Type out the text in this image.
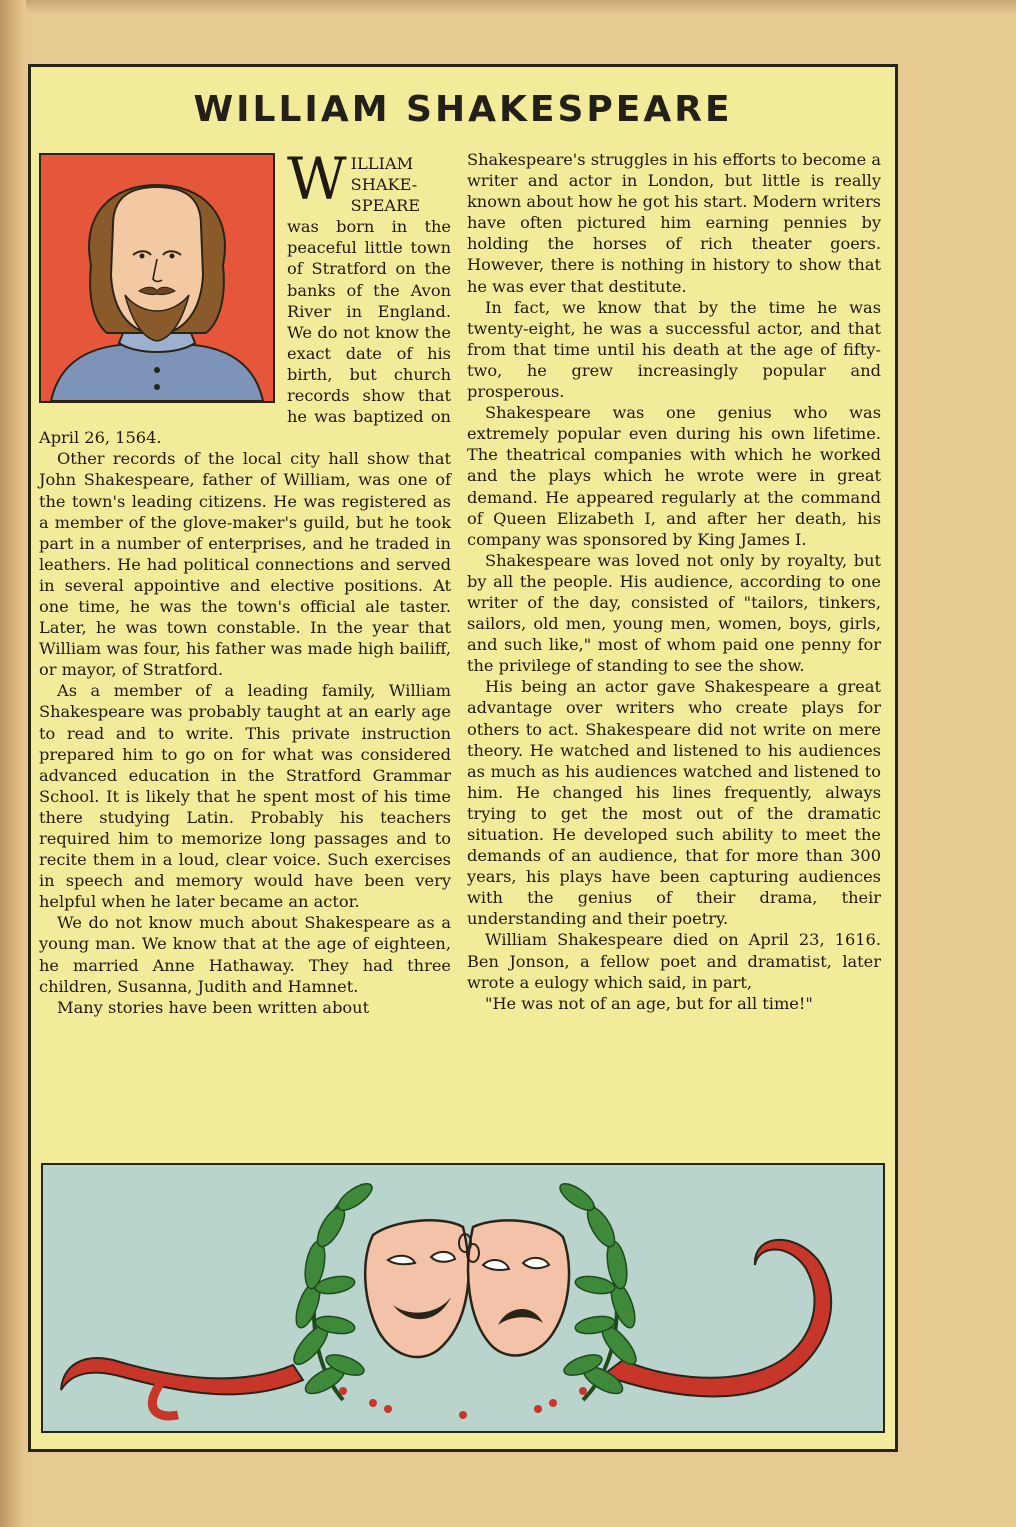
WILLIAM SHAKESPEARE
W ILLIAM SHAKE-SPEARE was born in the peaceful little town of Stratford on the banks of the Avon River in England. We do not know the exact date of his birth, but church records show that he was baptized on April 26, 1564.

Other records of the local city hall show that John Shakespeare, father of William, was one of the town's leading citizens. He was registered as a member of the glove-maker's guild, but he took part in a number of enterprises, and he traded in leathers. He had political connections and served in several appointive and elective positions. At one time, he was the town's official ale taster. Later, he was town constable. In the year that William was four, his father was made high bailiff, or mayor, of Stratford.

As a member of a leading family, William Shakespeare was probably taught at an early age to read and to write. This private instruction prepared him to go on for what was considered advanced education in the Stratford Grammar School. It is likely that he spent most of his time there studying Latin. Probably his teachers required him to memorize long passages and to recite them in a loud, clear voice. Such exercises in speech and memory would have been very helpful when he later became an actor.

We do not know much about Shakespeare as a young man. We know that at the age of eighteen, he married Anne Hathaway. They had three children, Susanna, Judith and Hamnet.

Many stories have been written about

Shakespeare's struggles in his efforts to become a writer and actor in London, but little is really known about how he got his start. Modern writers have often pictured him earning pennies by holding the horses of rich theater goers. However, there is nothing in history to show that he was ever that destitute.

In fact, we know that by the time he was twenty-eight, he was a successful actor, and that from that time until his death at the age of fifty-two, he grew increasingly popular and prosperous.

Shakespeare was one genius who was extremely popular even during his own lifetime. The theatrical companies with which he worked and the plays which he wrote were in great demand. He appeared regularly at the command of Queen Elizabeth I, and after her death, his company was sponsored by King James I.

Shakespeare was loved not only by royalty, but by all the people. His audience, according to one writer of the day, consisted of "tailors, tinkers, sailors, old men, young men, women, boys, girls, and such like," most of whom paid one penny for the privilege of standing to see the show.

His being an actor gave Shakespeare a great advantage over writers who create plays for others to act. Shakespeare did not write on mere theory. He watched and listened to his audiences as much as his audiences watched and listened to him. He changed his lines frequently, always trying to get the most out of the dramatic situation. He developed such ability to meet the demands of an audience, that for more than 300 years, his plays have been capturing audiences with the genius of their drama, their understanding and their poetry.

William Shakespeare died on April 23, 1616. Ben Jonson, a fellow poet and dramatist, later wrote a eulogy which said, in part,

"He was not of an age, but for all time!"
